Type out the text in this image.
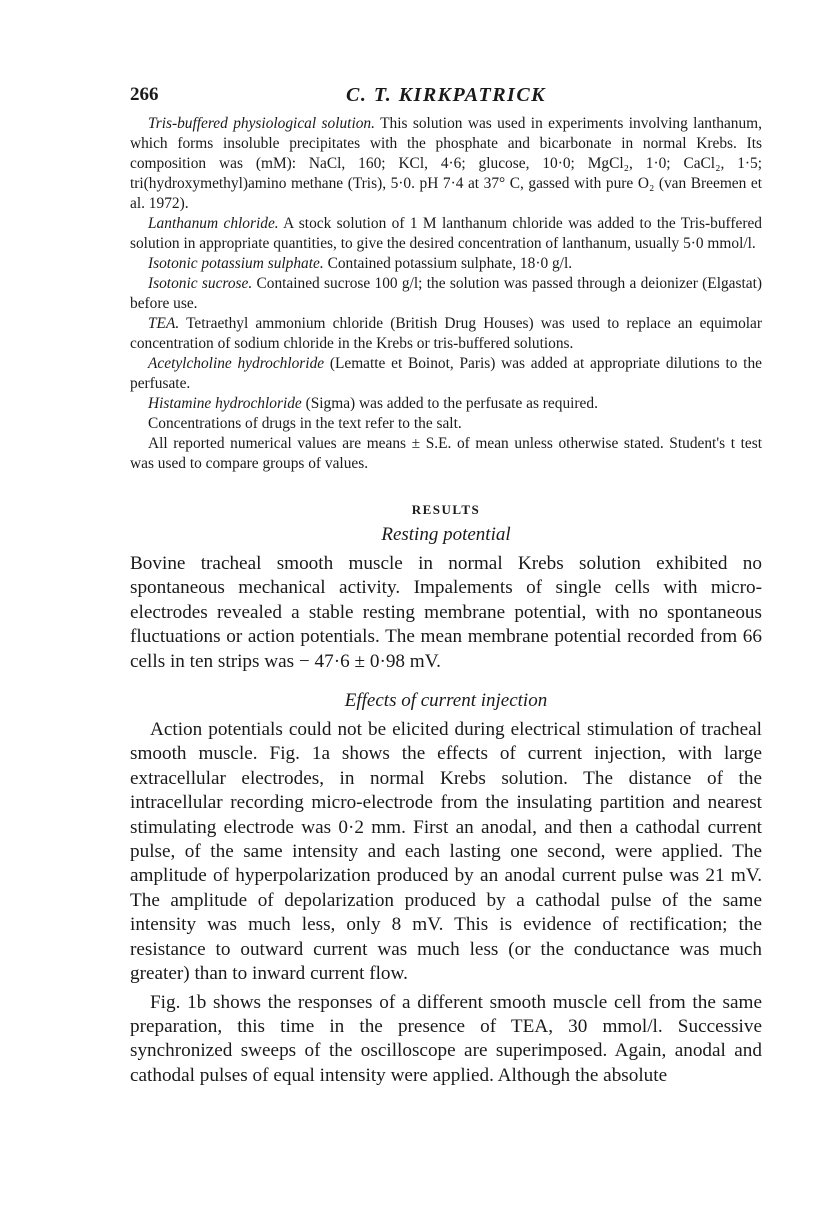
266	C. T. KIRKPATRICK

Tris-buffered physiological solution. This solution was used in experiments involving lanthanum, which forms insoluble precipitates with the phosphate and bicarbonate in normal Krebs. Its composition was (mM): NaCl, 160; KCl, 4·6; glucose, 10·0; MgCl₂, 1·0; CaCl₂, 1·5; tri(hydroxymethyl)amino methane (Tris), 5·0. pH 7·4 at 37° C, gassed with pure O₂ (van Breemen et al. 1972).

Lanthanum chloride. A stock solution of 1 M lanthanum chloride was added to the Tris-buffered solution in appropriate quantities, to give the desired concentration of lanthanum, usually 5·0 mmol/l.

Isotonic potassium sulphate. Contained potassium sulphate, 18·0 g/l.

Isotonic sucrose. Contained sucrose 100 g/l; the solution was passed through a deionizer (Elgastat) before use.

TEA. Tetraethyl ammonium chloride (British Drug Houses) was used to replace an equimolar concentration of sodium chloride in the Krebs or tris-buffered solutions.

Acetylcholine hydrochloride (Lematte et Boinot, Paris) was added at appropriate dilutions to the perfusate.

Histamine hydrochloride (Sigma) was added to the perfusate as required.

Concentrations of drugs in the text refer to the salt.

All reported numerical values are means ± S.E. of mean unless otherwise stated. Student's t test was used to compare groups of values.

RESULTS
Resting potential

Bovine tracheal smooth muscle in normal Krebs solution exhibited no spontaneous mechanical activity. Impalements of single cells with micro-electrodes revealed a stable resting membrane potential, with no spontaneous fluctuations or action potentials. The mean membrane potential recorded from 66 cells in ten strips was − 47·6 ± 0·98 mV.

Effects of current injection

Action potentials could not be elicited during electrical stimulation of tracheal smooth muscle. Fig. 1a shows the effects of current injection, with large extracellular electrodes, in normal Krebs solution. The distance of the intracellular recording micro-electrode from the insulating partition and nearest stimulating electrode was 0·2 mm. First an anodal, and then a cathodal current pulse, of the same intensity and each lasting one second, were applied. The amplitude of hyperpolarization produced by an anodal current pulse was 21 mV. The amplitude of depolarization produced by a cathodal pulse of the same intensity was much less, only 8 mV. This is evidence of rectification; the resistance to outward current was much less (or the conductance was much greater) than to inward current flow.

Fig. 1b shows the responses of a different smooth muscle cell from the same preparation, this time in the presence of TEA, 30 mmol/l. Successive synchronized sweeps of the oscilloscope are superimposed. Again, anodal and cathodal pulses of equal intensity were applied. Although the absolute
